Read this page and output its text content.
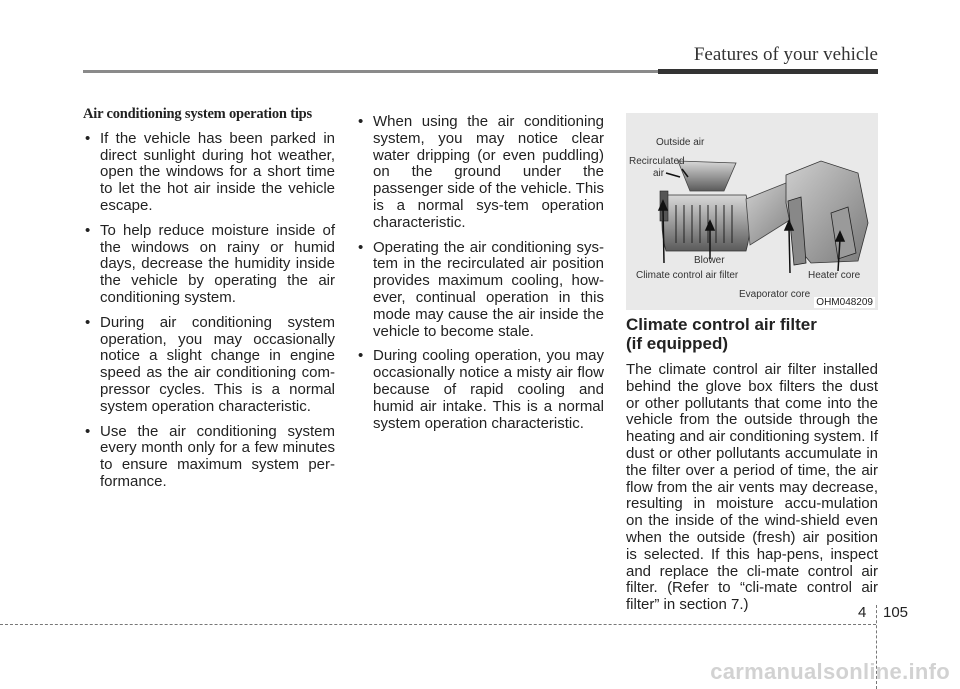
Features of your vehicle
Air conditioning system operation tips
• If the vehicle has been parked in direct sunlight during hot weather, open the windows for a short time to let the hot air inside the vehicle escape.
• To help reduce moisture inside of the windows on rainy or humid days, decrease the humidity inside the vehicle by operating the air conditioning system.
• During air conditioning system operation, you may occasionally notice a slight change in engine speed as the air conditioning com-pressor cycles. This is a normal system operation characteristic.
• Use the air conditioning system every month only for a few minutes to ensure maximum system per-formance.
• When using the air conditioning system, you may notice clear water dripping (or even puddling) on the ground under the passenger side of the vehicle. This is a normal sys-tem operation characteristic.
• Operating the air conditioning sys-tem in the recirculated air position provides maximum cooling, how-ever, continual operation in this mode may cause the air inside the vehicle to become stale.
• During cooling operation, you may occasionally notice a misty air flow because of rapid cooling and humid air intake. This is a normal system operation characteristic.
Outside air
Recirculated
air
Blower
Climate control air filter	Heater core
Evaporator core
OHM048209
Climate control air filter
(if equipped)

The climate control air filter installed behind the glove box filters the dust or other pollutants that come into the vehicle from the outside through the heating and air conditioning system. If dust or other pollutants accumulate in the filter over a period of time, the air flow from the air vents may decrease, resulting in moisture accu-mulation on the inside of the wind-shield even when the outside (fresh) air position is selected. If this hap-pens, inspect and replace the cli-mate control air filter. (Refer to “cli-mate control air filter” in section 7.)	4 105
carmanualsonline.info
